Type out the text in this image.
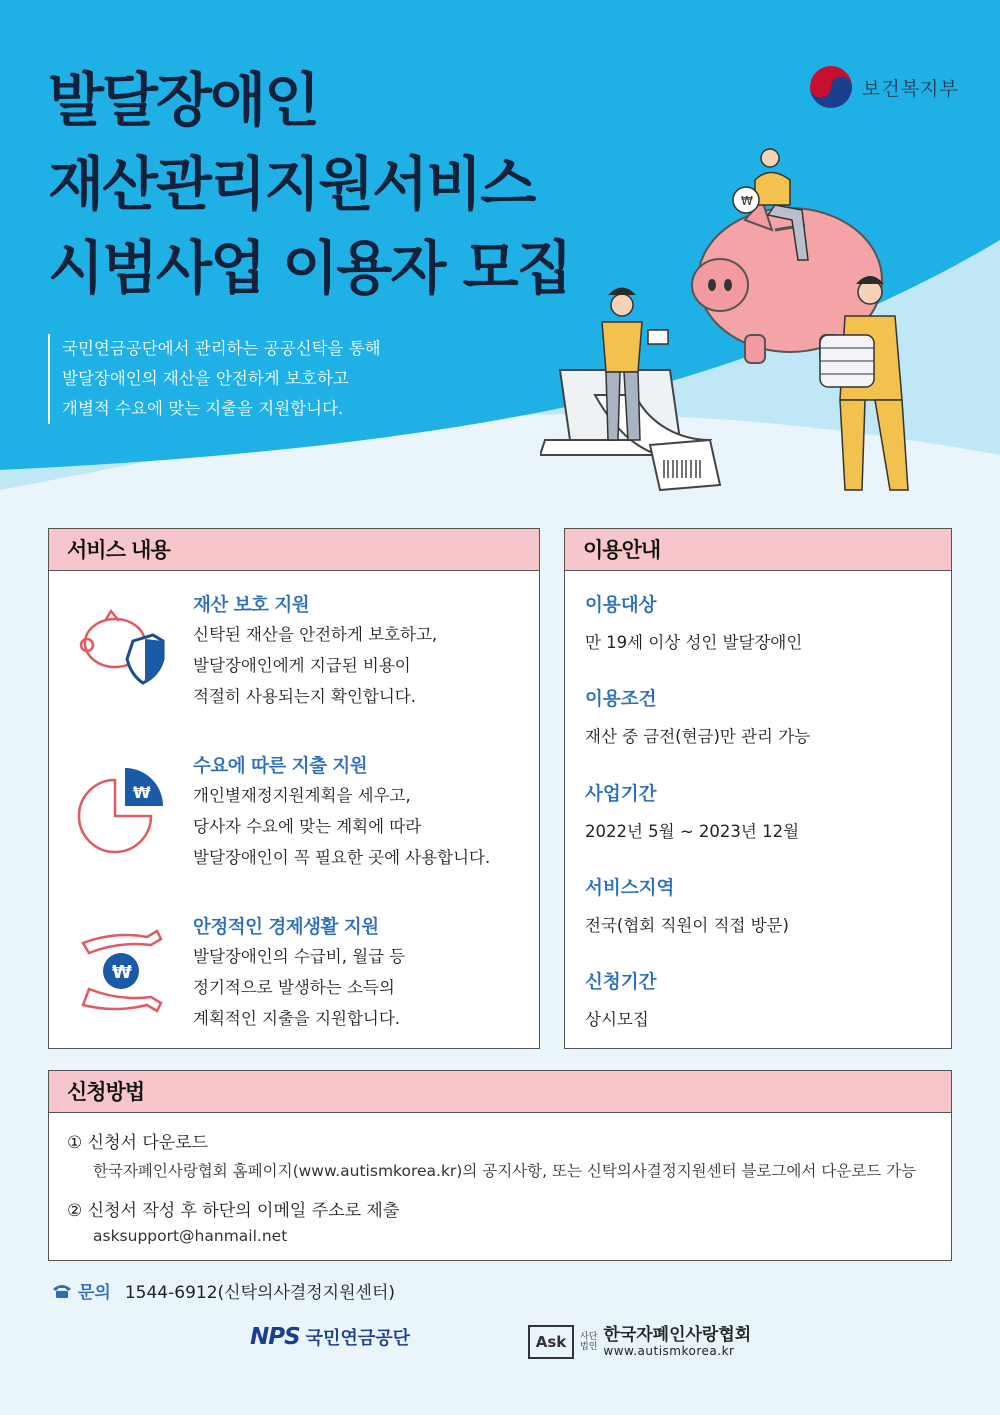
보건복지부
발달장애인
재산관리지원서비스
시범사업 이용자 모집
국민연금공단에서 관리하는 공공신탁을 통해
발달장애인의 재산을 안전하게 보호하고
개별적 수요에 맞는 지출을 지원합니다.
₩
서비스 내용
재산 보호 지원
신탁된 재산을 안전하게 보호하고,
발달장애인에게 지급된 비용이
적절히 사용되는지 확인합니다.
₩
수요에 따른 지출 지원
개인별재정지원계획을 세우고,
당사자 수요에 맞는 계획에 따라
발달장애인이 꼭 필요한 곳에 사용합니다.
₩
안정적인 경제생활 지원
발달장애인의 수급비, 월급 등
정기적으로 발생하는 소득의
계획적인 지출을 지원합니다.
이용안내
이용대상
만 19세 이상 성인 발달장애인
이용조건
재산 중 금전(현금)만 관리 가능
사업기간
2022년 5월 ~ 2023년 12월
서비스지역
전국(협회 직원이 직접 방문)
신청기간
상시모집
신청방법
① 신청서 다운로드
한국자폐인사랑협회 홈페이지(www.autismkorea.kr)의 공지사항, 또는 신탁의사결정지원센터 블로그에서 다운로드 가능
② 신청서 작성 후 하단의 이메일 주소로 제출
asksupport@hanmail.net
문의 1544-6912(신탁의사결정지원센터)
NPS 국민연금공단	Ask	사단
법인
한국자폐인사랑협회
www.autismkorea.kr
